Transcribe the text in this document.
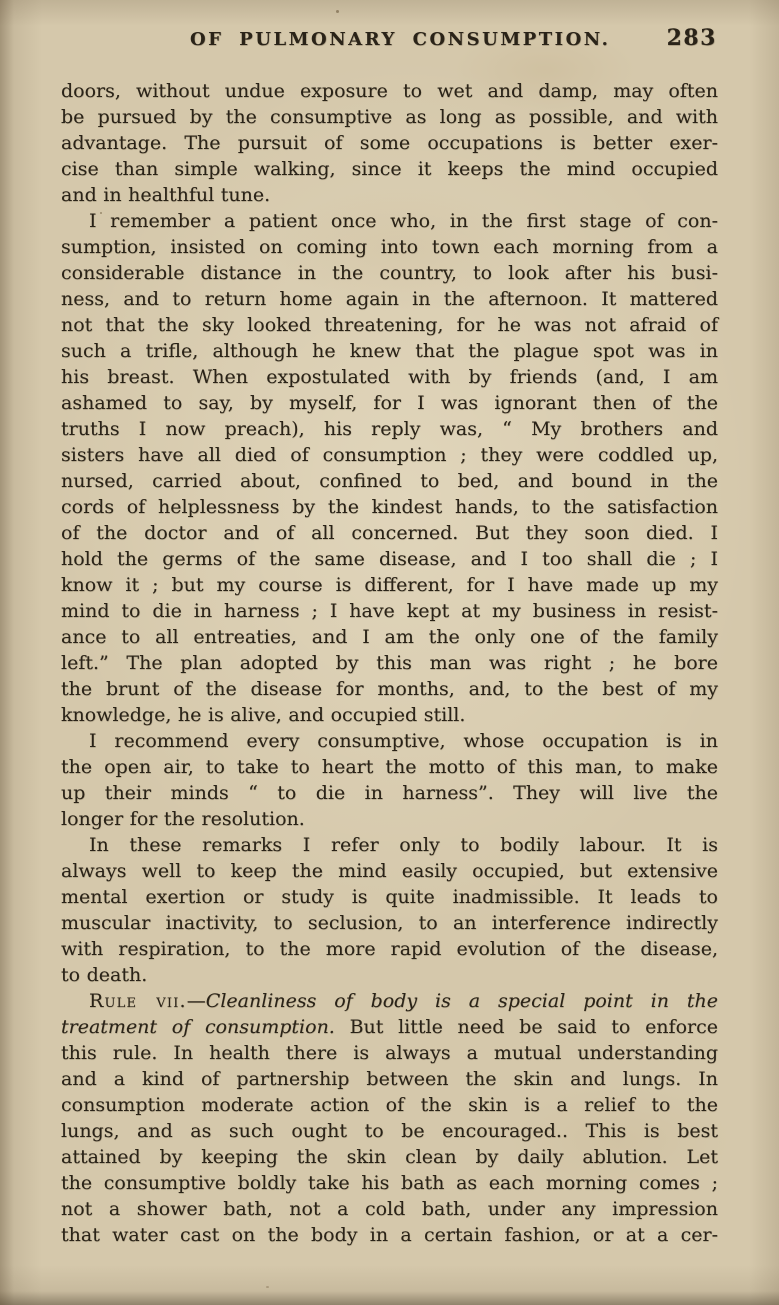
OF PULMONARY CONSUMPTION.	283
doors, without undue exposure to wet and damp, may often
be pursued by the consumptive as long as possible, and with
advantage. The pursuit of some occupations is better exer-
cise than simple walking, since it keeps the mind occupied
and in healthful tune.
I remember a patient once who, in the first stage of con-
sumption, insisted on coming into town each morning from a
considerable distance in the country, to look after his busi-
ness, and to return home again in the afternoon. It mattered
not that the sky looked threatening, for he was not afraid of
such a trifle, although he knew that the plague spot was in
his breast. When expostulated with by friends (and, I am
ashamed to say, by myself, for I was ignorant then of the
truths I now preach), his reply was, “ My brothers and
sisters have all died of consumption ; they were coddled up,
nursed, carried about, confined to bed, and bound in the
cords of helplessness by the kindest hands, to the satisfaction
of the doctor and of all concerned. But they soon died. I
hold the germs of the same disease, and I too shall die ; I
know it ; but my course is different, for I have made up my
mind to die in harness ; I have kept at my business in resist-
ance to all entreaties, and I am the only one of the family
left.” The plan adopted by this man was right ; he bore
the brunt of the disease for months, and, to the best of my
knowledge, he is alive, and occupied still.
I recommend every consumptive, whose occupation is in
the open air, to take to heart the motto of this man, to make
up their minds “ to die in harness”. They will live the
longer for the resolution.
In these remarks I refer only to bodily labour. It is
always well to keep the mind easily occupied, but extensive
mental exertion or study is quite inadmissible. It leads to
muscular inactivity, to seclusion, to an interference indirectly
with respiration, to the more rapid evolution of the disease,
to death.
Rule vii.—Cleanliness of body is a special point in the
treatment of consumption. But little need be said to enforce
this rule. In health there is always a mutual understanding
and a kind of partnership between the skin and lungs. In
consumption moderate action of the skin is a relief to the
lungs, and as such ought to be encouraged.. This is best
attained by keeping the skin clean by daily ablution. Let
the consumptive boldly take his bath as each morning comes ;
not a shower bath, not a cold bath, under any impression
that water cast on the body in a certain fashion, or at a cer-
